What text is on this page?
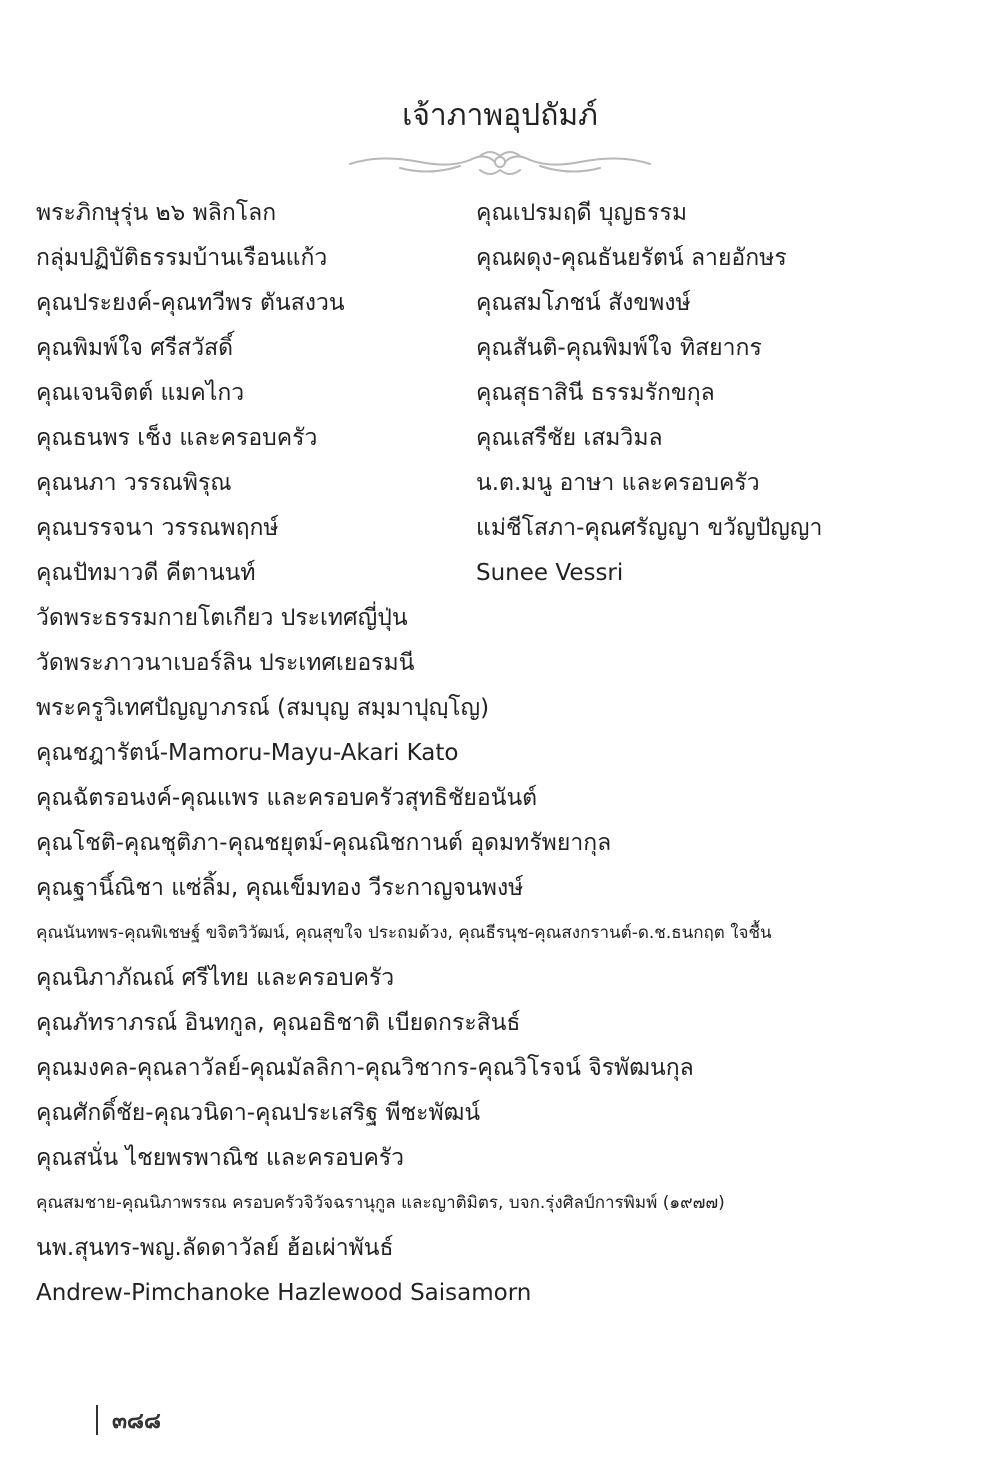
เจ้าภาพอุปถัมภ์
พระภิกษุรุ่น ๒๖ พลิกโลก	คุณเปรมฤดี บุญธรรม
กลุ่มปฏิบัติธรรมบ้านเรือนแก้ว	คุณผดุง-คุณธันยรัตน์ ลายอักษร
คุณประยงค์-คุณทวีพร ตันสงวน	คุณสมโภชน์ สังขพงษ์
คุณพิมพ์ใจ ศรีสวัสดิ์	คุณสันติ-คุณพิมพ์ใจ ทิสยากร
คุณเจนจิตต์ แมคไกว	คุณสุธาสินี ธรรมรักขกุล
คุณธนพร เช็ง และครอบครัว	คุณเสรีชัย เสมวิมล
คุณนภา วรรณพิรุณ	น.ต.มนู อาษา และครอบครัว
คุณบรรจนา วรรณพฤกษ์	แม่ชีโสภา-คุณศรัญญา ขวัญปัญญา
คุณปัทมาวดี คีตานนท์	Sunee Vessri
วัดพระธรรมกายโตเกียว ประเทศญี่ปุ่น
วัดพระภาวนาเบอร์ลิน ประเทศเยอรมนี
พระครูวิเทศปัญญาภรณ์ (สมบุญ สมฺมาปุญฺโญ)
คุณชฎารัตน์-Mamoru-Mayu-Akari Kato
คุณฉัตรอนงค์-คุณแพร และครอบครัวสุทธิชัยอนันต์
คุณโชติ-คุณชุติภา-คุณชยุตม์-คุณณิชกานต์ อุดมทรัพยากุล
คุณฐานิ์ณิชา แซ่ลิ้ม, คุณเข็มทอง วีระกาญจนพงษ์
คุณนันทพร-คุณพิเชษฐ์ ขจิตวิวัฒน์, คุณสุขใจ ประถมด้วง, คุณธีรนุช-คุณสงกรานต์-ด.ช.ธนกฤต ใจชื้น
คุณนิภาภัณณ์ ศรีไทย และครอบครัว
คุณภัทราภรณ์ อินทกูล, คุณอธิชาติ เบียดกระสินธ์
คุณมงคล-คุณลาวัลย์-คุณมัลลิกา-คุณวิชากร-คุณวิโรจน์ จิรพัฒนกุล
คุณศักดิ์ชัย-คุณวนิดา-คุณประเสริฐ พีชะพัฒน์
คุณสนั่น ไชยพรพาณิช และครอบครัว
คุณสมชาย-คุณนิภาพรรณ ครอบครัวจิวัจฉรานุกูล และญาติมิตร, บจก.รุ่งศิลป์การพิมพ์ (๑๙๗๗)
นพ.สุนทร-พญ.ลัดดาวัลย์ ฮ้อเผ่าพันธ์
Andrew-Pimchanoke Hazlewood Saisamorn
๓๘๘
